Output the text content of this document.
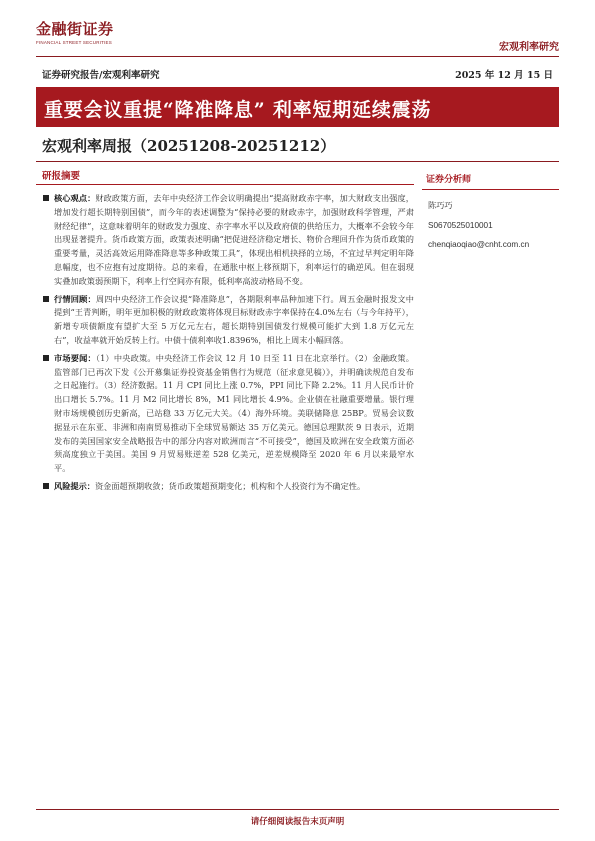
金融街证券
FINANCIAL STREET SECURITIES	宏观利率研究
证券研究报告/宏观利率研究	2025 年 12 月 15 日
重要会议重提“降准降息” 利率短期延续震荡
宏观利率周报（20251208-20251212）
研报摘要
核心观点：财政政策方面，去年中央经济工作会议明确提出“提高财政赤字率，加大财政支出强度，增加发行超长期特别国债”，而今年的表述调整为“保持必要的财政赤字，加强财政科学管理，严肃财经纪律”，这意味着明年的财政发力强度、赤字率水平以及政府债的供给压力，大概率不会较今年出现显著提升。货币政策方面，政策表述明确“把促进经济稳定增长、物价合理回升作为货币政策的重要考量，灵活高效运用降准降息等多种政策工具”，体现出相机抉择的立场，不宜过早判定明年降息幅度，也不应抱有过度期待。总的来看，在通胀中枢上移预期下，利率运行的确逆风。但在弱现实叠加政策弱预期下，利率上行空间亦有限，低利率高波动格局不变。
行情回顾：周四中央经济工作会议提“降准降息”，各期限利率品种加速下行。周五金融时报发文中提到“王青判断，明年更加积极的财政政策将体现目标财政赤字率保持在4.0%左右（与今年持平），新增专项债额度有望扩大至 5 万亿元左右，超长期特别国债发行规模可能扩大到 1.8 万亿元左右”，收益率就开始反转上行。中债十债利率收1.8396%，相比上周末小幅回落。
市场要闻：（1）中央政策。中央经济工作会议 12 月 10 日至 11 日在北京举行。（2）金融政策。监管部门已再次下发《公开募集证券投资基金销售行为规范（征求意见稿）》，并明确读规范自发布之日起施行。（3）经济数据。11 月 CPI 同比上涨 0.7%，PPI 同比下降 2.2%。11 月人民币计价出口增长 5.7%。11 月 M2 同比增长 8%，M1 同比增长 4.9%。企业债在社融重要增量。银行理财市场规模创历史新高，已站稳 33 万亿元大关。（4）海外环境。美联储降息 25BP。贸易会议数据显示在东亚、非洲和南南贸易推动下全球贸易额达 35 万亿美元。德国总理默茨 9 日表示，近期发布的美国国家安全战略报告中的部分内容对欧洲而言“不可接受”，德国及欧洲在安全政策方面必须高度独立于美国。美国 9 月贸易账逆差 528 亿美元，逆差规模降至 2020 年 6 月以来最窄水平。
风险提示：资金面超预期收敛；货币政策超预期变化；机构和个人投资行为不确定性。
证券分析师
陈巧巧
S0670525010001
chenqiaoqiao@cnht.com.cn
请仔细阅读报告末页声明
